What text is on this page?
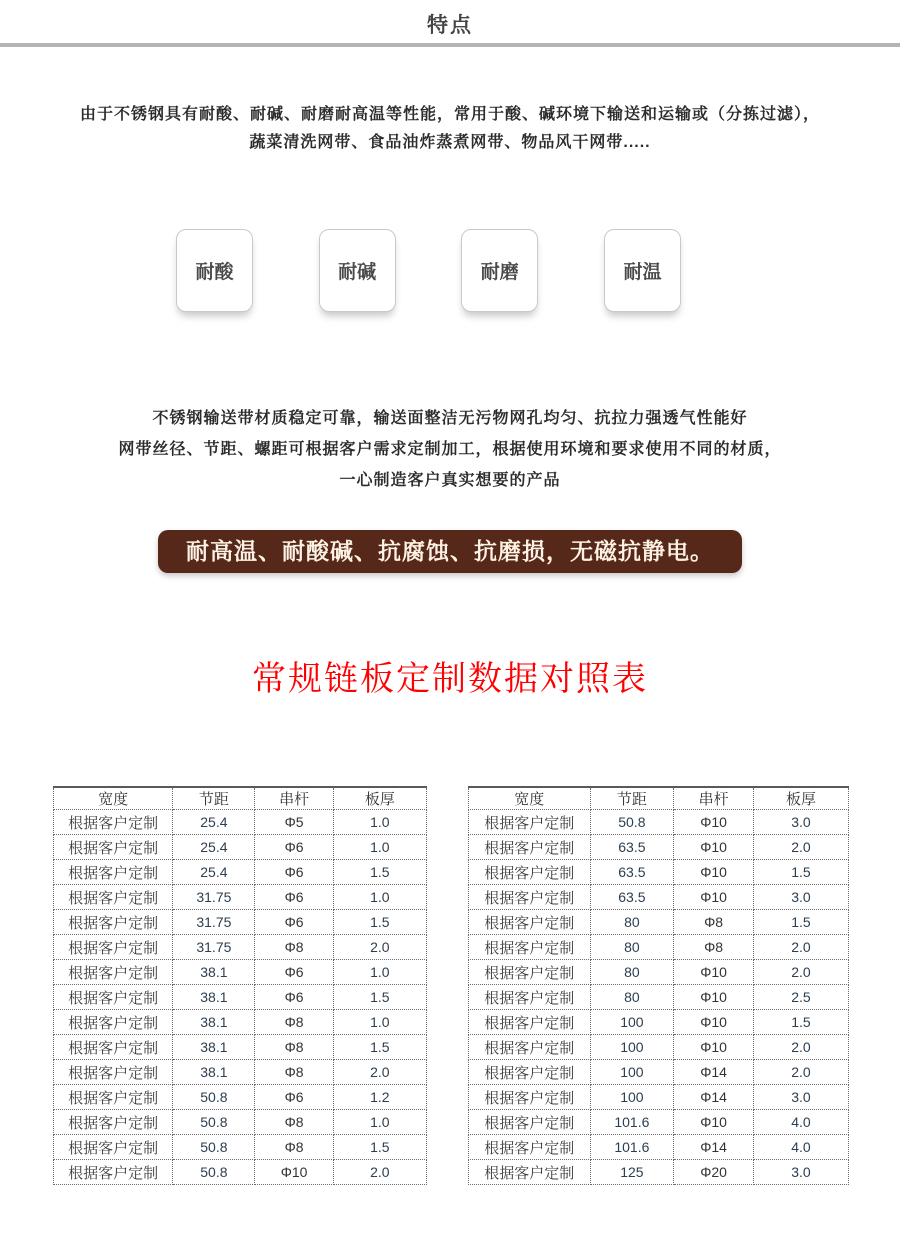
特点
由于不锈钢具有耐酸、耐碱、耐磨耐高温等性能，常用于酸、碱环境下输送和运输或（分拣过滤），
蔬菜清洗网带、食品油炸蒸煮网带、物品风干网带.....
耐酸	耐碱	耐磨	耐温
不锈钢输送带材质稳定可靠，输送面整洁无污物网孔均匀、抗拉力强透气性能好
网带丝径、节距、螺距可根据客户需求定制加工，根据使用环境和要求使用不同的材质，
一心制造客户真实想要的产品
耐高温、耐酸碱、抗腐蚀、抗磨损，无磁抗静电。
常规链板定制数据对照表
宽度	节距	串杆	板厚
根据客户定制	25.4	Φ5	1.0
根据客户定制	25.4	Φ6	1.0
根据客户定制	25.4	Φ6	1.5
根据客户定制	31.75	Φ6	1.0
根据客户定制	31.75	Φ6	1.5
根据客户定制	31.75	Φ8	2.0
根据客户定制	38.1	Φ6	1.0
根据客户定制	38.1	Φ6	1.5
根据客户定制	38.1	Φ8	1.0
根据客户定制	38.1	Φ8	1.5
根据客户定制	38.1	Φ8	2.0
根据客户定制	50.8	Φ6	1.2
根据客户定制	50.8	Φ8	1.0
根据客户定制	50.8	Φ8	1.5
根据客户定制	50.8	Φ10	2.0
宽度	节距	串杆	板厚
根据客户定制	50.8	Φ10	3.0
根据客户定制	63.5	Φ10	2.0
根据客户定制	63.5	Φ10	1.5
根据客户定制	63.5	Φ10	3.0
根据客户定制	80	Φ8	1.5
根据客户定制	80	Φ8	2.0
根据客户定制	80	Φ10	2.0
根据客户定制	80	Φ10	2.5
根据客户定制	100	Φ10	1.5
根据客户定制	100	Φ10	2.0
根据客户定制	100	Φ14	2.0
根据客户定制	100	Φ14	3.0
根据客户定制	101.6	Φ10	4.0
根据客户定制	101.6	Φ14	4.0
根据客户定制	125	Φ20	3.0
